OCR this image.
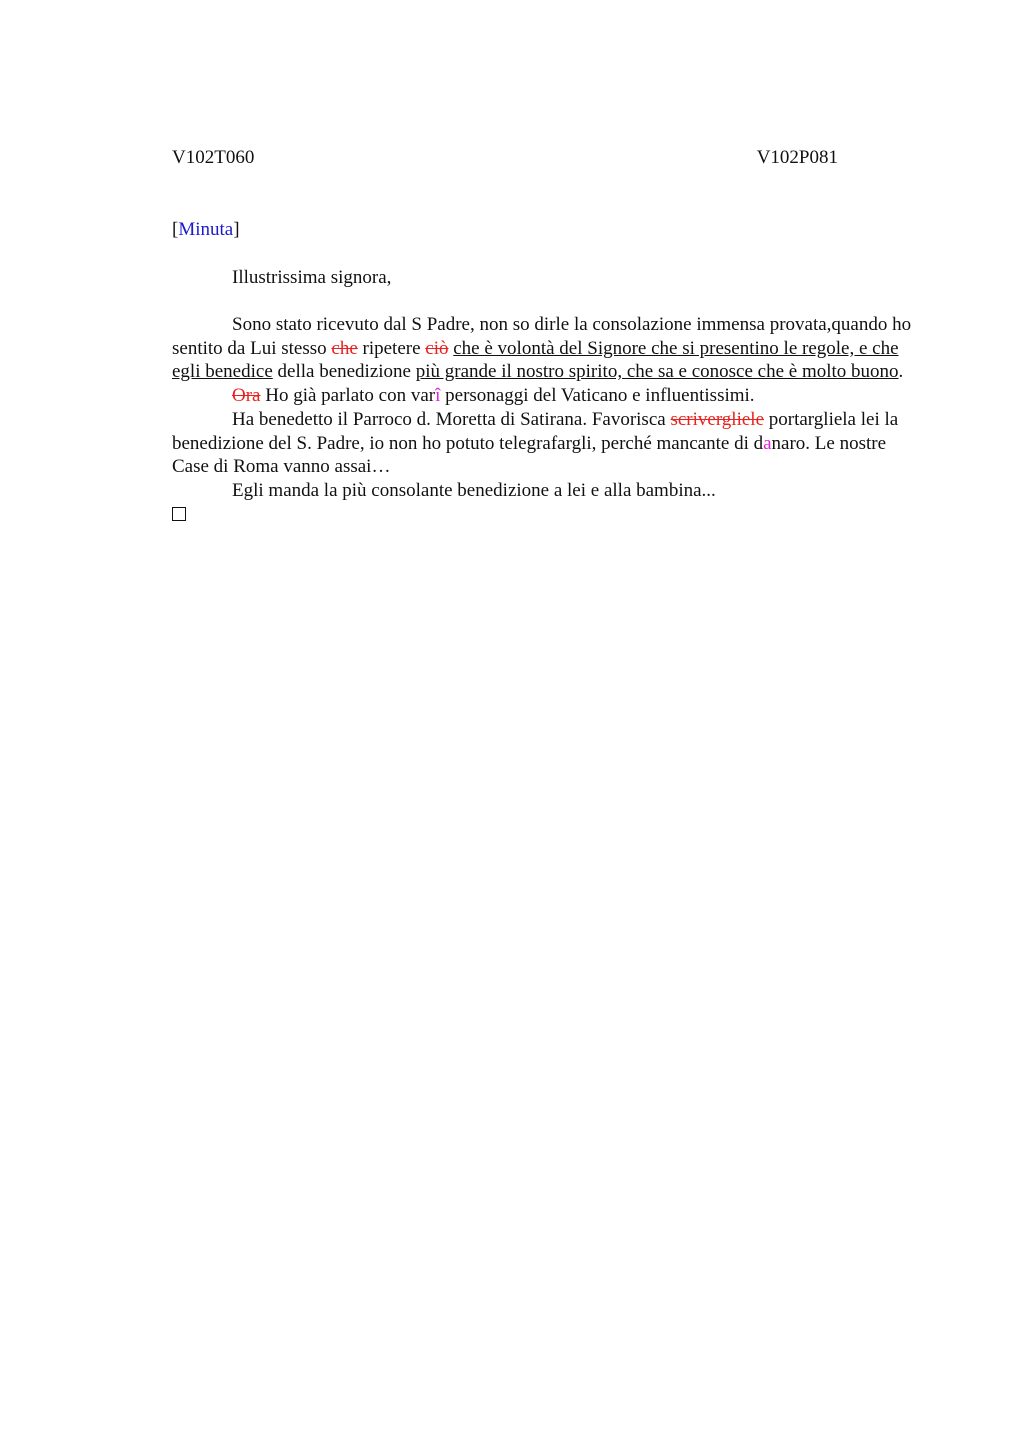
V102T060	V102P081
[Minuta]
Illustrissima signora,

Sono stato ricevuto dal S Padre, non so dirle la consolazione immensa provata,quando ho sentito da Lui stesso che ripetere ciò che è volontà del Signore che si presentino le regole, e che egli benedice della benedizione più grande il nostro spirito, che sa e conosce che è molto buono.

Ora Ho già parlato con varî personaggi del Vaticano e influentissimi.

Ha benedetto il Parroco d. Moretta di Satirana. Favorisca scrivergliele portargliela lei la benedizione del S. Padre, io non ho potuto telegrafargli, perché mancante di danaro. Le nostre Case di Roma vanno assai…

Egli manda la più consolante benedizione a lei e alla bambina...
